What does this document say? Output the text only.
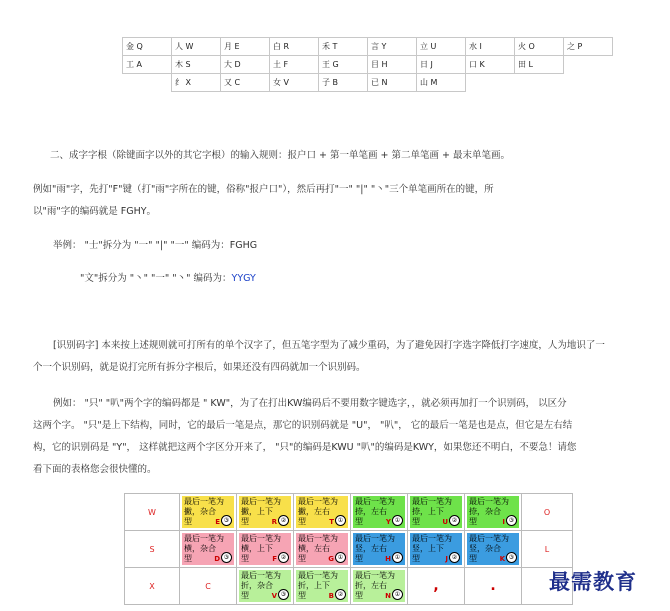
金 Q	人 W	月 E	白 R	禾 T	言 Y	立 U	水 I	火 O	之 P
工 A	木 S	大 D	土 F	王 G	目 H	日 J	口 K	田 L	
	纟 X	又 C	女 V	子 B	已 N	山 M			

二、成字字根（除键面字以外的其它字根）的输入规则：报户口 + 第一单笔画 + 第二单笔画 + 最末单笔画。

例如"雨"字，先打"F"键（打"雨"字所在的键，俗称"报户口"），然后再打"一" "|" "丶"三个单笔画所在的键，所

以"雨"字的编码就是 FGHY。

举例： "士"拆分为 "一" "|" "一" 编码为：FGHG

"文"拆分为 "丶" "一" "丶" 编码为：YYGY

[识别码字] 本来按上述规则就可打所有的单个汉字了，但五笔字型为了减少重码，为了避免因打字选字降低打字速度，人为地识了一

个一个识别码，就是说打完所有拆分字根后，如果还没有四码就加一个识别码。

例如： "只" "叭"两个字的编码都是 " KW"，为了在打出KW编码后不要用数字键选字，，就必须再加打一个识别码， 以区分

这两个字。 "只"是上下结构，同时，它的最后一笔是点，那它的识别码就是 "U"， "叭"， 它的最后一笔是也是点，但它是左右结

构，它的识别码是 "Y"， 这样就把这两个字区分开来了， "只"的编码是KWU "叭"的编码是KWY，如果您还不明白，不要急！请您

看下面的表格您会很快懂的。

W	最后一笔为
撇，杂合
型 E ③	最后一笔为
撇，上下
型 R ②	最后一笔为
撇，左右
型 T ①	最后一笔为
捺，左右
型 Y ①	最后一笔为
捺，上下
型 U ②	最后一笔为
捺，杂合
型 I ③	O
S	最后一笔为
横，杂合
型 D ③	最后一笔为
横，上下
型 F ②	最后一笔为
横，左右
型 G ①	最后一笔为
竖，左右
型 H ①	最后一笔为
竖，上下
型 J ②	最后一笔为
竖，杂合
型 K ③	L
X	C	最后一笔为
折，杂合
型 V ③	最后一笔为
折，上下
型 B ②	最后一笔为
折，左右
型 N ①	,	.		最需教育
